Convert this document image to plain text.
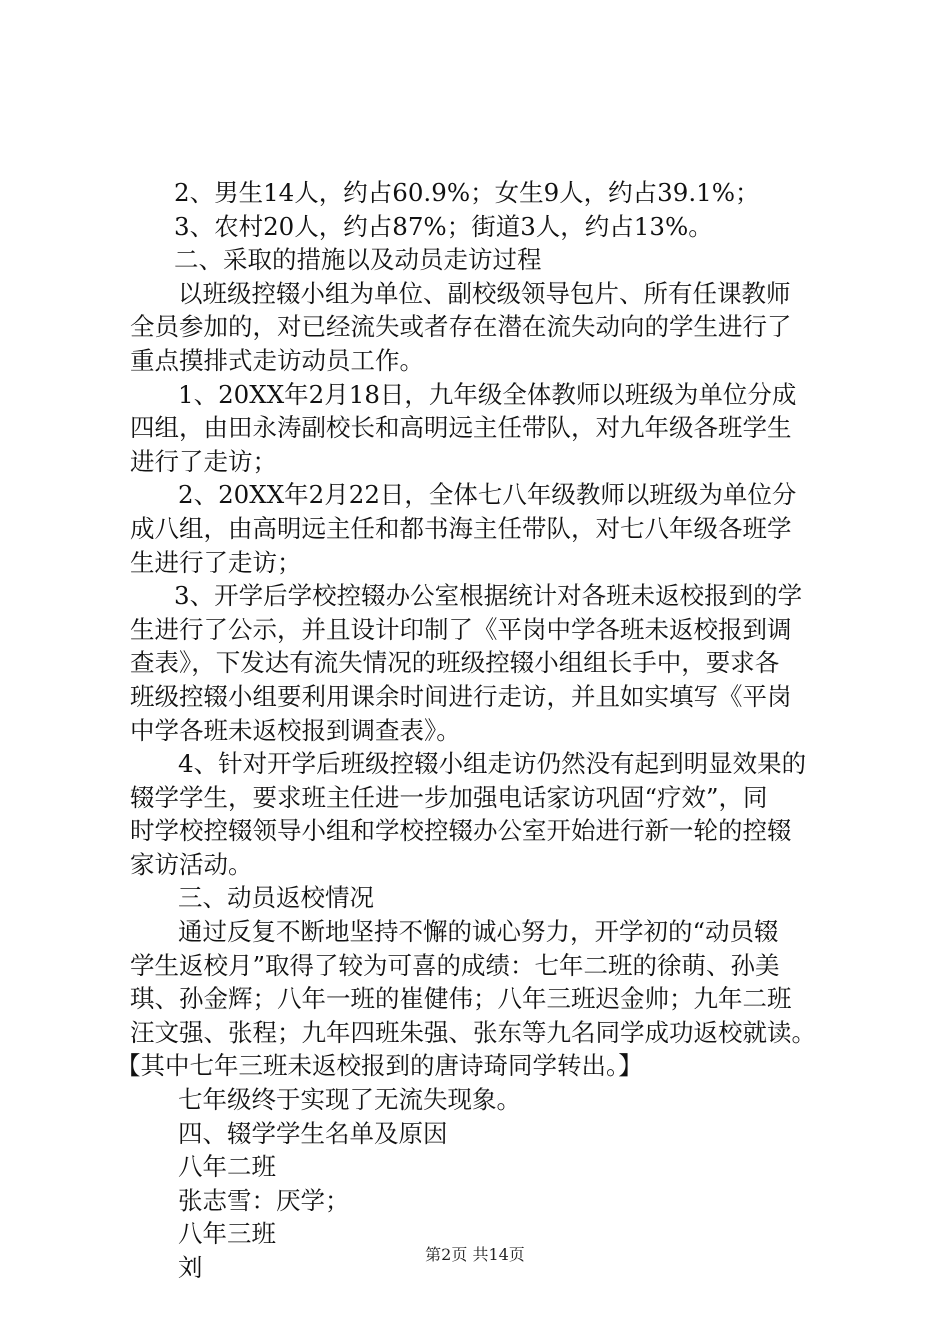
2、男生14人，约占60.9%；女生9人，约占39.1%；

3、农村20人，约占87%；街道3人，约占13%。

二、采取的措施以及动员走访过程

以班级控辍小组为单位、副校级领导包片、所有任课教师

全员参加的，对已经流失或者存在潜在流失动向的学生进行了

重点摸排式走访动员工作。

1、20XX年2月18日，九年级全体教师以班级为单位分成

四组，由田永涛副校长和高明远主任带队，对九年级各班学生

进行了走访；

2、20XX年2月22日，全体七八年级教师以班级为单位分

成八组，由高明远主任和都书海主任带队，对七八年级各班学

生进行了走访；

3、开学后学校控辍办公室根据统计对各班未返校报到的学

生进行了公示，并且设计印制了《平岗中学各班未返校报到调

查表》，下发达有流失情况的班级控辍小组组长手中，要求各

班级控辍小组要利用课余时间进行走访，并且如实填写《平岗

中学各班未返校报到调查表》。

4、针对开学后班级控辍小组走访仍然没有起到明显效果的

辍学学生，要求班主任进一步加强电话家访巩固“疗效”，同

时学校控辍领导小组和学校控辍办公室开始进行新一轮的控辍

家访活动。

三、动员返校情况

通过反复不断地坚持不懈的诚心努力，开学初的“动员辍

学生返校月”取得了较为可喜的成绩：七年二班的徐萌、孙美

琪、孙金辉；八年一班的崔健伟；八年三班迟金帅；九年二班

汪文强、张程；九年四班朱强、张东等九名同学成功返校就读。

【其中七年三班未返校报到的唐诗琦同学转出。】

七年级终于实现了无流失现象。

四、辍学学生名单及原因

八年二班

张志雪：厌学；

八年三班

刘	第2页 共14页
